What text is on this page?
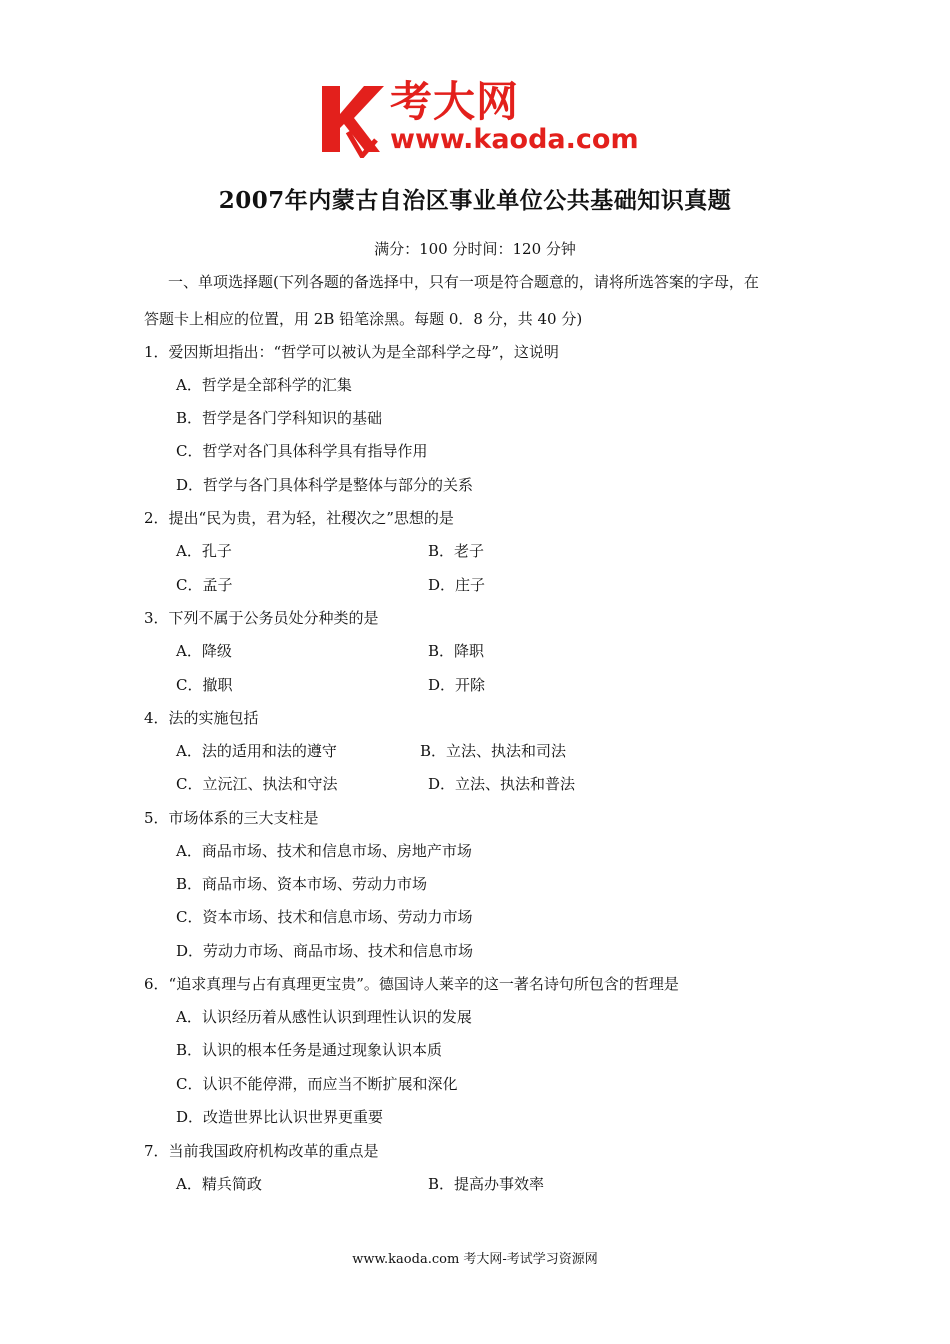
考大网
www.kaoda.com
2007年内蒙古自治区事业单位公共基础知识真题
满分：100 分时间：120 分钟
一、单项选择题(下列各题的备选择中，只有一项是符合题意的，请将所选答案的字母，在
答题卡上相应的位置，用 2B 铅笔涂黑。每题 0．8 分，共 40 分)
1．爱因斯坦指出：“哲学可以被认为是全部科学之母”，这说明
A．哲学是全部科学的汇集
B．哲学是各门学科知识的基础
C．哲学对各门具体科学具有指导作用
D．哲学与各门具体科学是整体与部分的关系
2．提出“民为贵，君为轻，社稷次之”思想的是
A．孔子	B．老子
C．孟子	D．庄子
3．下列不属于公务员处分种类的是
A．降级	B．降职
C．撤职	D．开除
4．法的实施包括
A．法的适用和法的遵守	B．立法、执法和司法
C．立沅江、执法和守法	D．立法、执法和普法
5．市场体系的三大支柱是
A．商品市场、技术和信息市场、房地产市场
B．商品市场、资本市场、劳动力市场
C．资本市场、技术和信息市场、劳动力市场
D．劳动力市场、商品市场、技术和信息市场
6．“追求真理与占有真理更宝贵”。德国诗人莱辛的这一著名诗句所包含的哲理是
A．认识经历着从感性认识到理性认识的发展
B．认识的根本任务是通过现象认识本质
C．认识不能停滞，而应当不断扩展和深化
D．改造世界比认识世界更重要
7．当前我国政府机构改革的重点是
A．精兵简政	B．提高办事效率
www.kaoda.com 考大网-考试学习资源网
